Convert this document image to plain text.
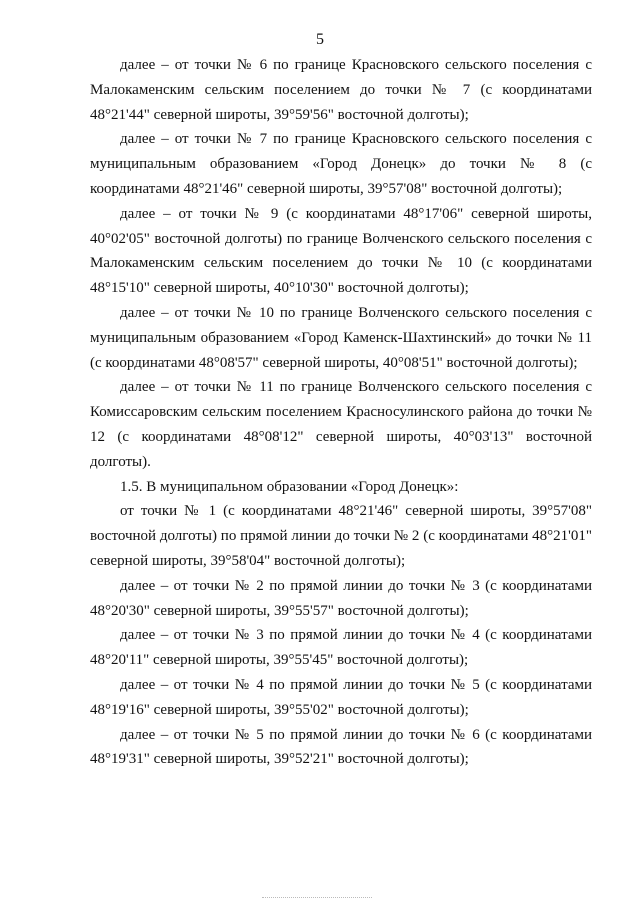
5

далее – от точки № 6 по границе Красновского сельского поселения с Малокаменским сельским поселением до точки № 7 (с координатами 48°21'44" северной широты, 39°59'56" восточной долготы);

далее – от точки № 7 по границе Красновского сельского поселения с муниципальным образованием «Город Донецк» до точки № 8 (с координатами 48°21'46" северной широты, 39°57'08" восточной долготы);

далее – от точки № 9 (с координатами 48°17'06" северной широты, 40°02'05" восточной долготы) по границе Волченского сельского поселения с Малокаменским сельским поселением до точки № 10 (с координатами 48°15'10" северной широты, 40°10'30" восточной долготы);

далее – от точки № 10 по границе Волченского сельского поселения с муниципальным образованием «Город Каменск-Шахтинский» до точки № 11 (с координатами 48°08'57" северной широты, 40°08'51" восточной долготы);

далее – от точки № 11 по границе Волченского сельского поселения с Комиссаровским сельским поселением Красносулинского района до точки № 12 (с координатами 48°08'12" северной широты, 40°03'13" восточной долготы).

1.5. В муниципальном образовании «Город Донецк»:

от точки № 1 (с координатами 48°21'46" северной широты, 39°57'08" восточной долготы) по прямой линии до точки № 2 (с координатами 48°21'01" северной широты, 39°58'04" восточной долготы);

далее – от точки № 2 по прямой линии до точки № 3 (с координатами 48°20'30" северной широты, 39°55'57" восточной долготы);

далее – от точки № 3 по прямой линии до точки № 4 (с координатами 48°20'11" северной широты, 39°55'45" восточной долготы);

далее – от точки № 4 по прямой линии до точки № 5 (с координатами 48°19'16" северной широты, 39°55'02" восточной долготы);

далее – от точки № 5 по прямой линии до точки № 6 (с координатами 48°19'31" северной широты, 39°52'21" восточной долготы);
